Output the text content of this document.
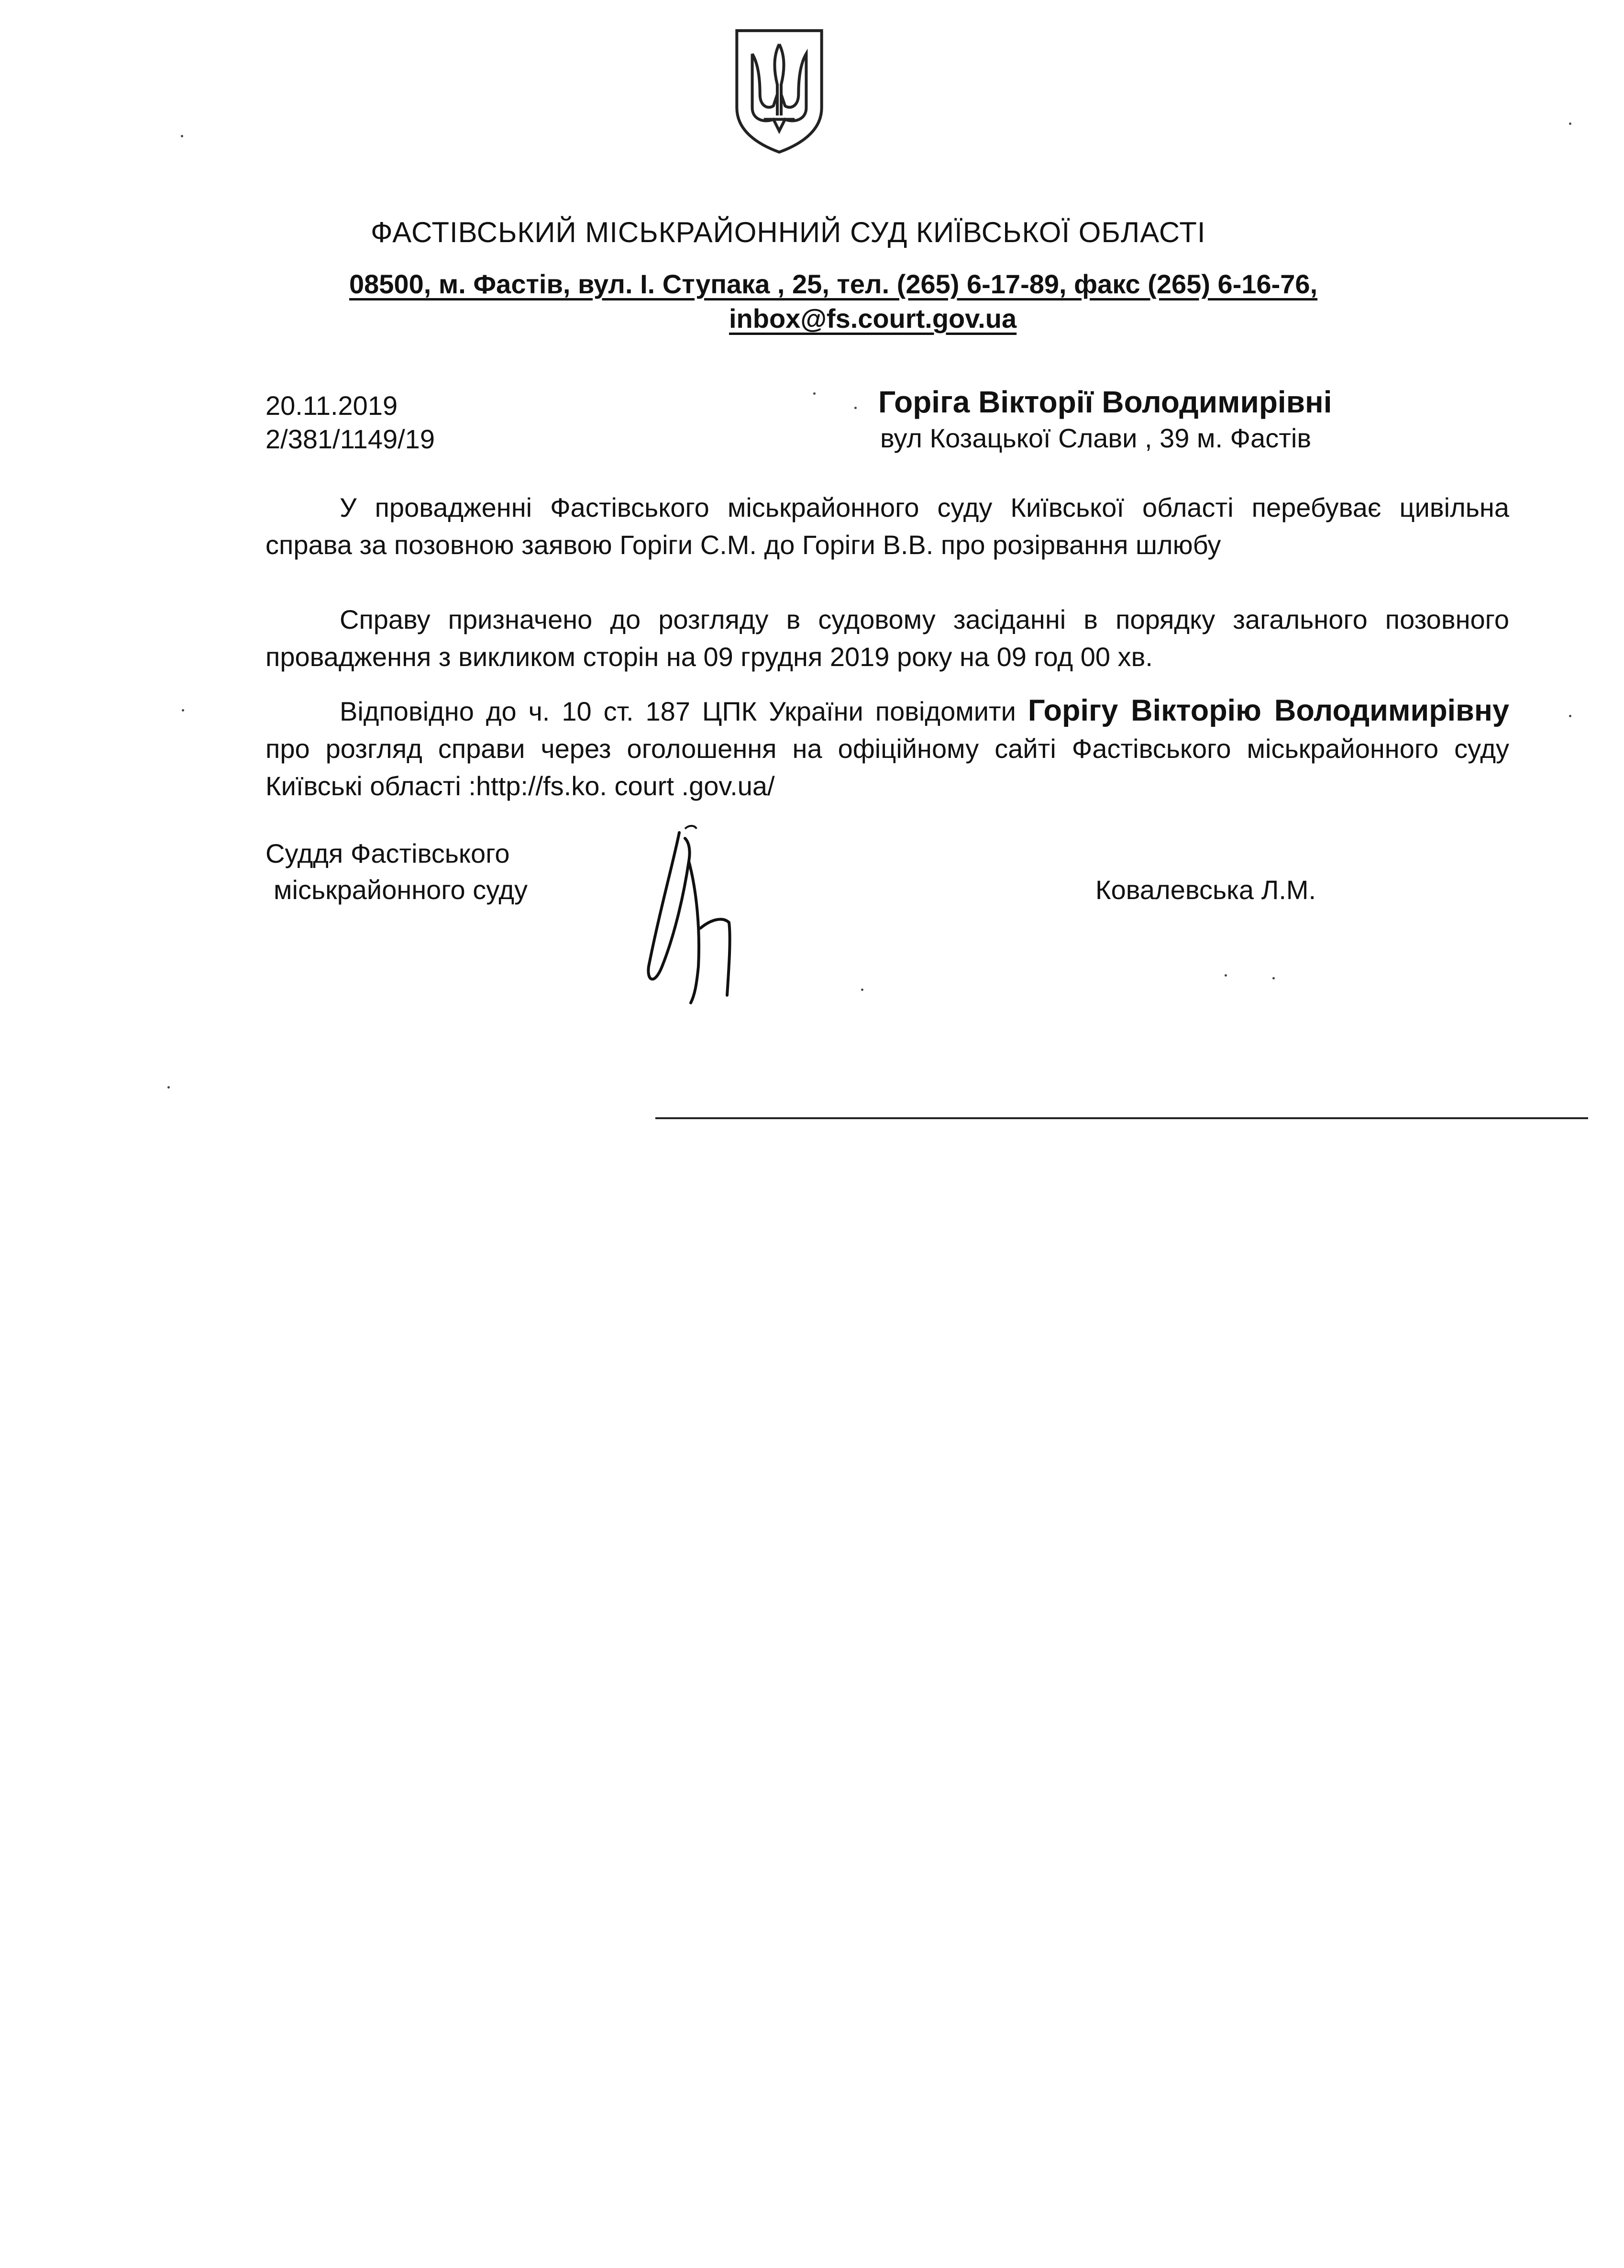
ФАСТІВСЬКИЙ МІСЬКРАЙОННИЙ СУД КИЇВСЬКОЇ ОБЛАСТІ
08500, м. Фастів, вул. І. Ступака , 25, тел. (265) 6-17-89, факс (265) 6-16-76,
inbox@fs.court.gov.ua
20.11.2019
2/381/1149/19
Горіга Вікторії Володимирівні
вул Козацької Слави , 39 м. Фастів
У провадженні Фастівського міськрайонного суду Київської області перебуває цивільна справа за позовною заявою Горіги С.М. до Горіги В.В. про розірвання шлюбу
Справу призначено до розгляду в судовому засіданні в порядку загального позовного провадження з викликом сторін на 09 грудня 2019 року на 09 год 00 хв.
Відповідно до ч. 10 ст. 187 ЦПК України повідомити Горігу Вікторію Володимирівну про розгляд справи через оголошення на офіційному сайті Фастівського міськрайонного суду Київські області :http://fs.ko. court .gov.ua/
Суддя Фастівського
міськрайонного суду	Ковалевська Л.М.
